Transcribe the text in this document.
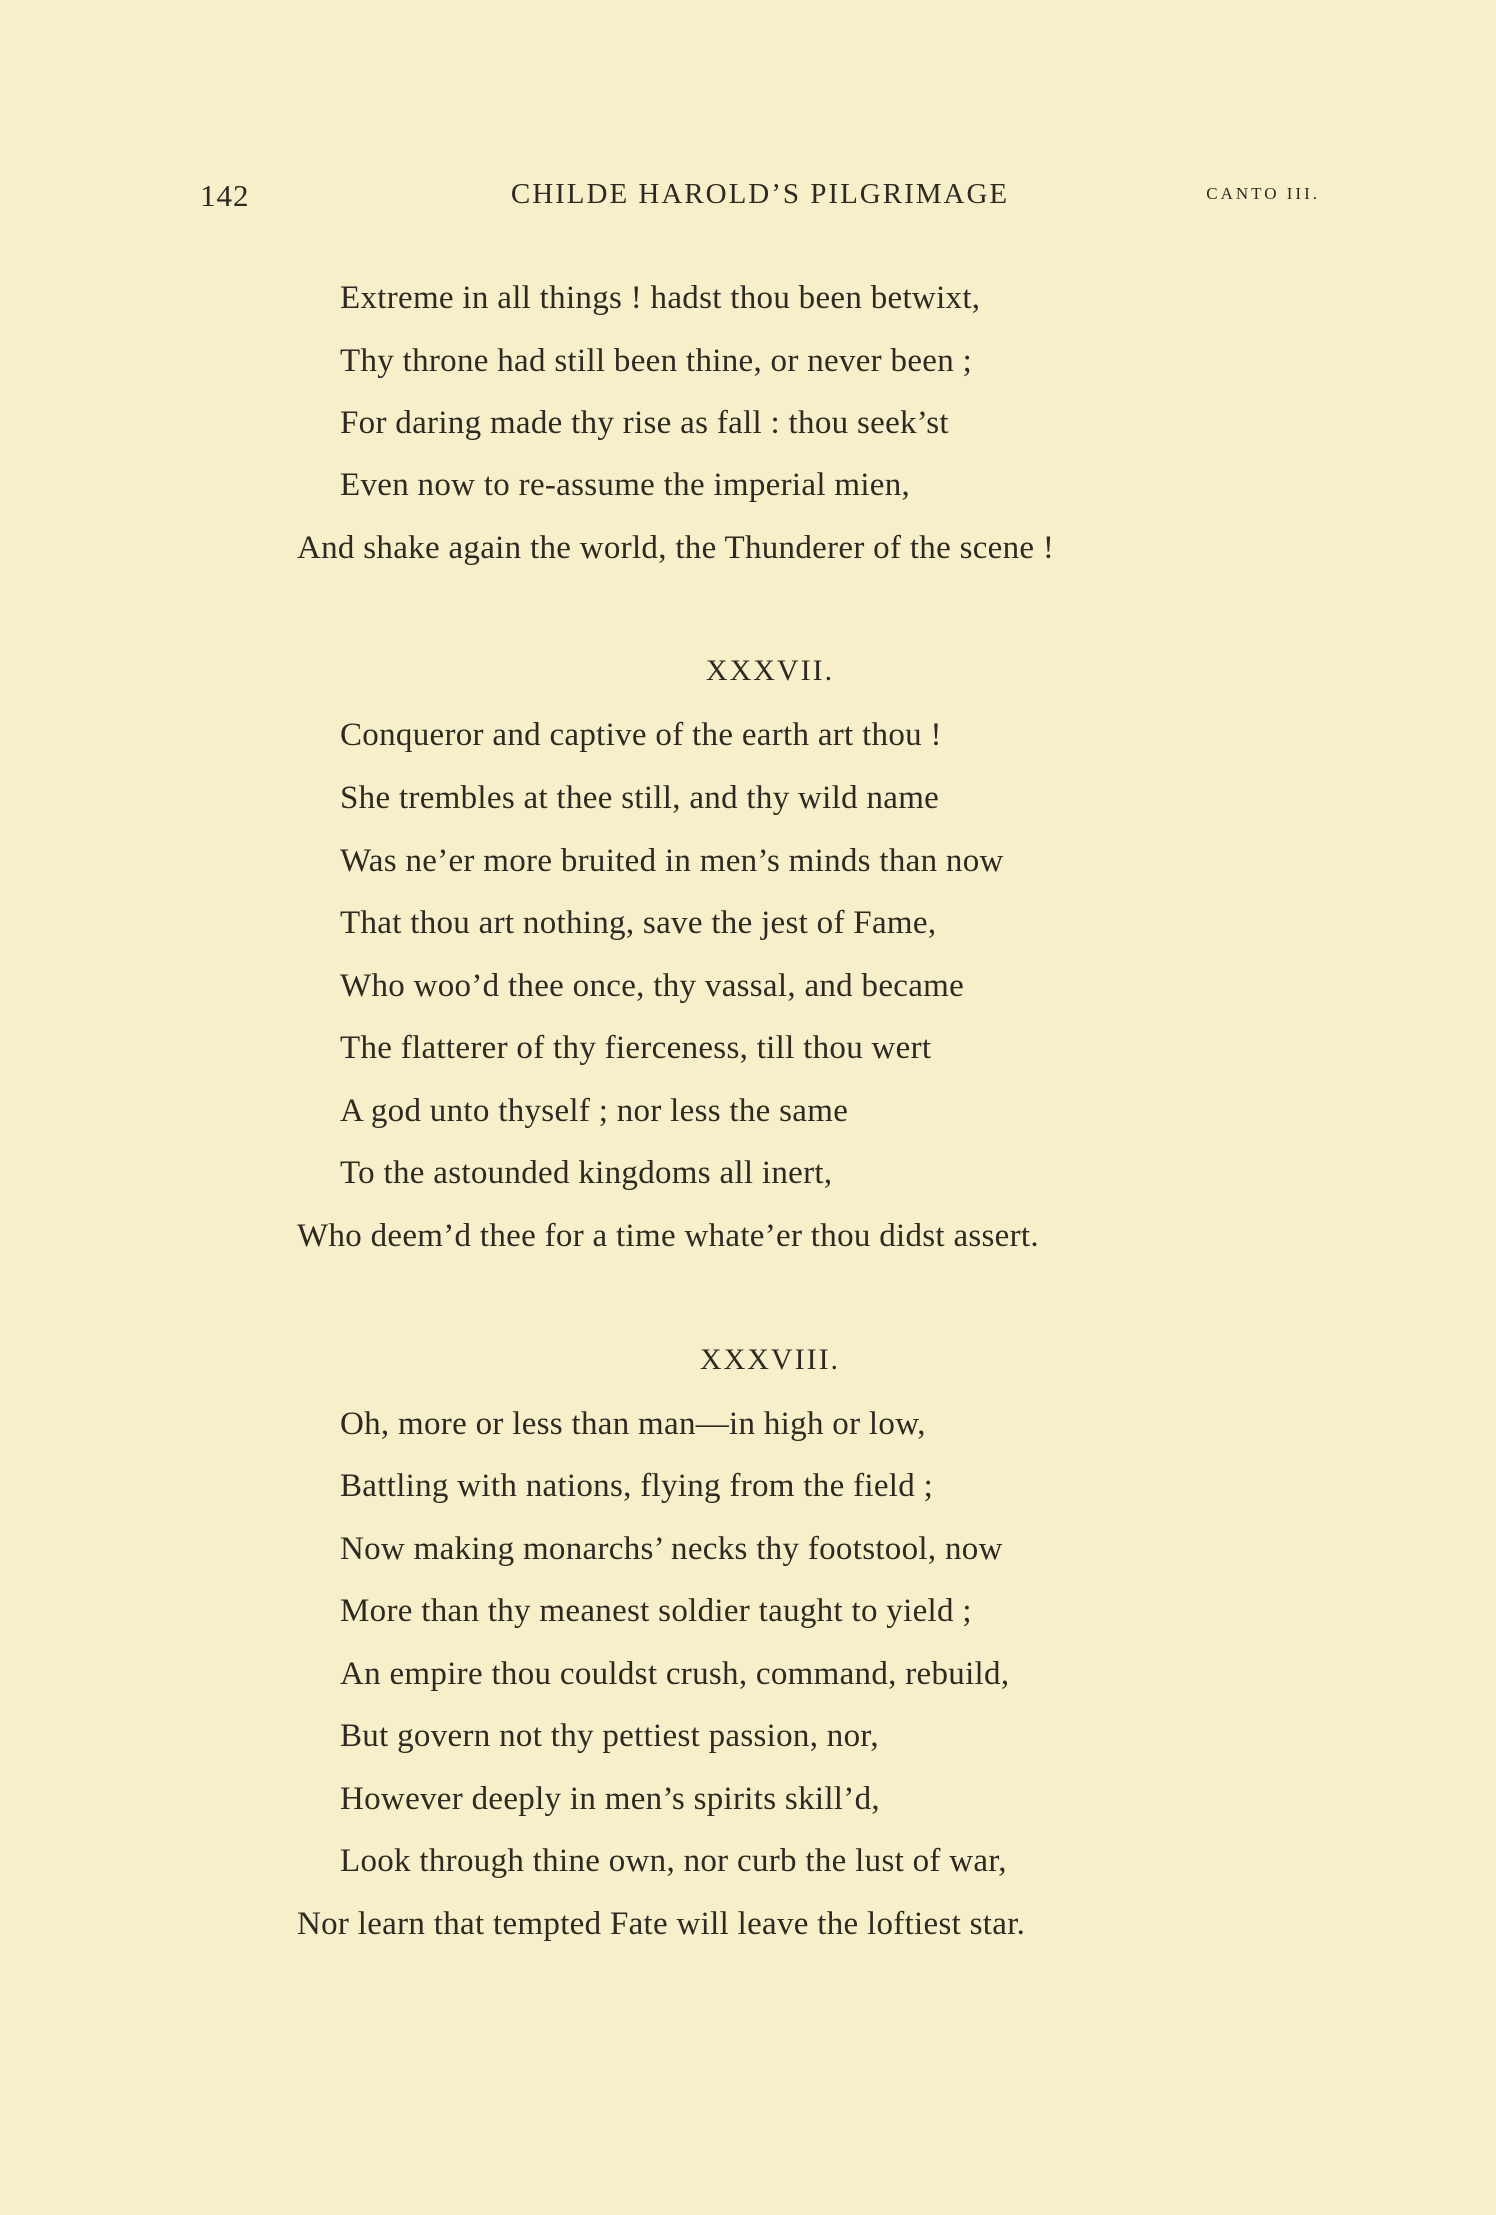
142	CHILDE HAROLD’S PILGRIMAGE	CANTO III.
Extreme in all things ! hadst thou been betwixt,
Thy throne had still been thine, or never been ;
For daring made thy rise as fall : thou seek’st
Even now to re-assume the imperial mien,
And shake again the world, the Thunderer of the scene !
XXXVII.
Conqueror and captive of the earth art thou !
She trembles at thee still, and thy wild name
Was ne’er more bruited in men’s minds than now
That thou art nothing, save the jest of Fame,
Who woo’d thee once, thy vassal, and became
The flatterer of thy fierceness, till thou wert
A god unto thyself ; nor less the same
To the astounded kingdoms all inert,
Who deem’d thee for a time whate’er thou didst assert.
XXXVIII.
Oh, more or less than man—in high or low,
Battling with nations, flying from the field ;
Now making monarchs’ necks thy footstool, now
More than thy meanest soldier taught to yield ;
An empire thou couldst crush, command, rebuild,
But govern not thy pettiest passion, nor,
However deeply in men’s spirits skill’d,
Look through thine own, nor curb the lust of war,
Nor learn that tempted Fate will leave the loftiest star.
